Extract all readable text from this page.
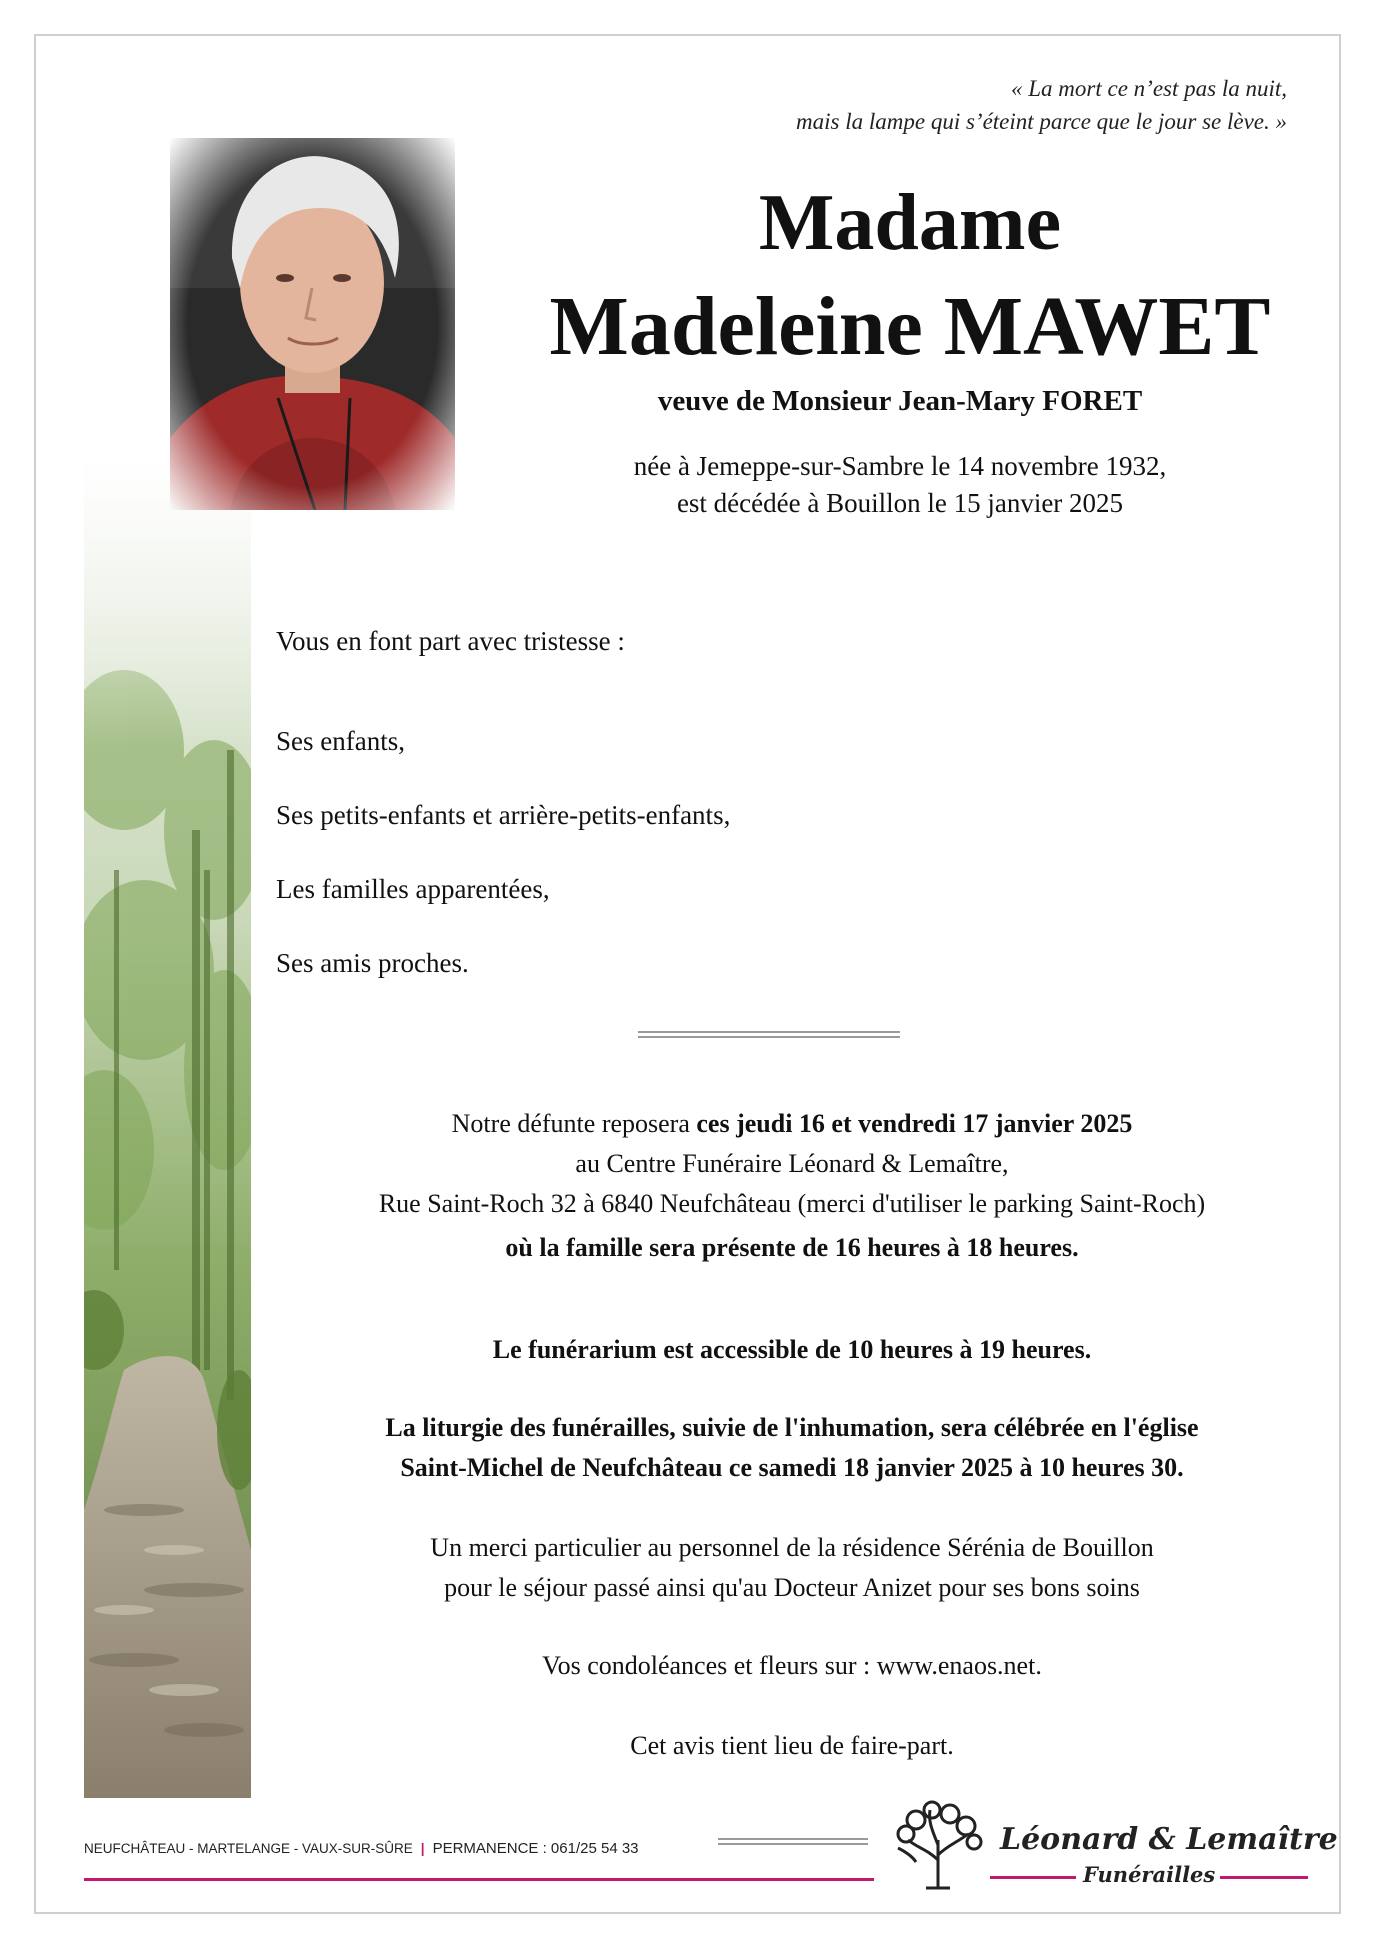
« La mort ce n’est pas la nuit,
mais la lampe qui s’éteint parce que le jour se lève. »
Madame
Madeleine MAWET
veuve de Monsieur Jean-Mary FORET
née à Jemeppe-sur-Sambre le 14 novembre 1932,
est décédée à Bouillon le 15 janvier 2025
Vous en font part avec tristesse :
Ses enfants,
Ses petits-enfants et arrière-petits-enfants,
Les familles apparentées,
Ses amis proches.
Notre défunte reposera ces jeudi 16 et vendredi 17 janvier 2025
au Centre Funéraire Léonard & Lemaître,
Rue Saint-Roch 32 à 6840 Neufchâteau (merci d'utiliser le parking Saint-Roch)
où la famille sera présente de 16 heures à 18 heures.
Le funérarium est accessible de 10 heures à 19 heures.
La liturgie des funérailles, suivie de l'inhumation, sera célébrée en l'église
Saint-Michel de Neufchâteau ce samedi 18 janvier 2025 à 10 heures 30.
Un merci particulier au personnel de la résidence Sérénia de Bouillon
pour le séjour passé ainsi qu'au Docteur Anizet pour ses bons soins
Vos condoléances et fleurs sur : www.enaos.net.
Cet avis tient lieu de faire-part.
NEUFCHÂTEAU - MARTELANGE - VAUX-SUR-SÛRE | PERMANENCE : 061/25 54 33	Léonard & Lemaître
Funérailles
